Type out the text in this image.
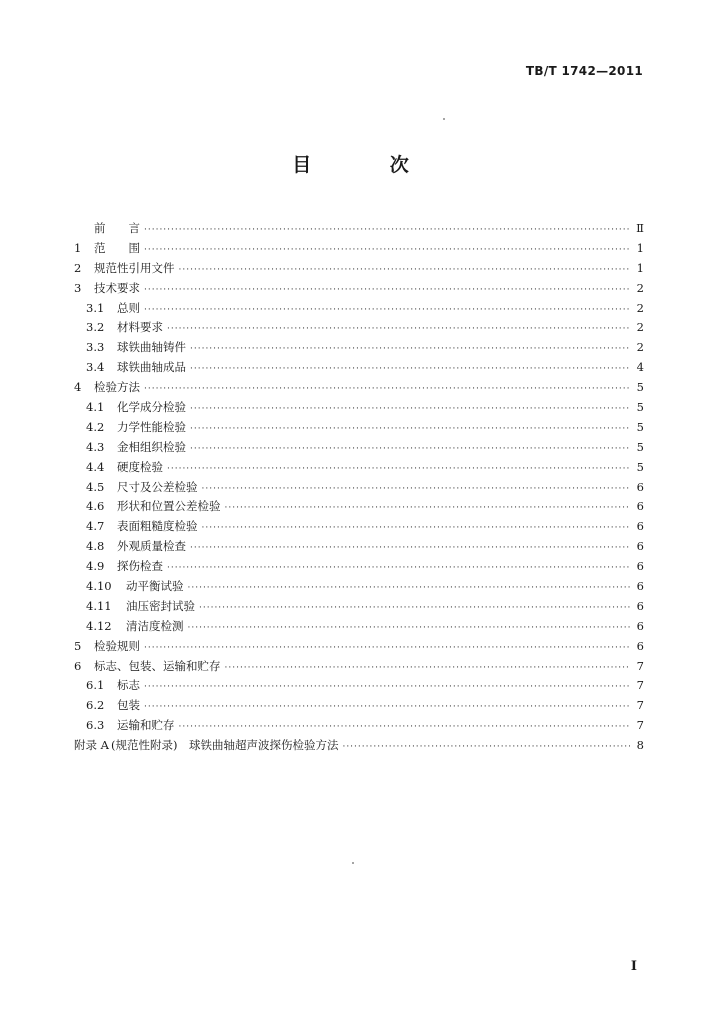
TB/T 1742—2011
目 次
前　　言 ·····	Ⅱ
1	范　　围 ·····	1
2	规范性引用文件 ·····	1
3	技术要求 ·····	2
3.1	总则 ·····	2
3.2	材料要求 ·····	2
3.3	球铁曲轴铸件 ·····	2
3.4	球铁曲轴成品 ·····	4
4	检验方法 ·····	5
4.1	化学成分检验 ·····	5
4.2	力学性能检验 ·····	5
4.3	金相组织检验 ·····	5
4.4	硬度检验 ·····	5
4.5	尺寸及公差检验 ·····	6
4.6	形状和位置公差检验 ·····	6
4.7	表面粗糙度检验 ·····	6
4.8	外观质量检查 ·····	6
4.9	探伤检查 ·····	6
4.10	动平衡试验 ·····	6
4.11	油压密封试验 ·····	6
4.12	清洁度检测 ·····	6
5	检验规则 ·····	6
6	标志、包装、运输和贮存 ·····	7
6.1	标志 ·····	7
6.2	包装 ·····	7
6.3	运输和贮存 ·····	7
附录 A (规范性附录)　球铁曲轴超声波探伤检验方法 ·····	8
Ⅰ
